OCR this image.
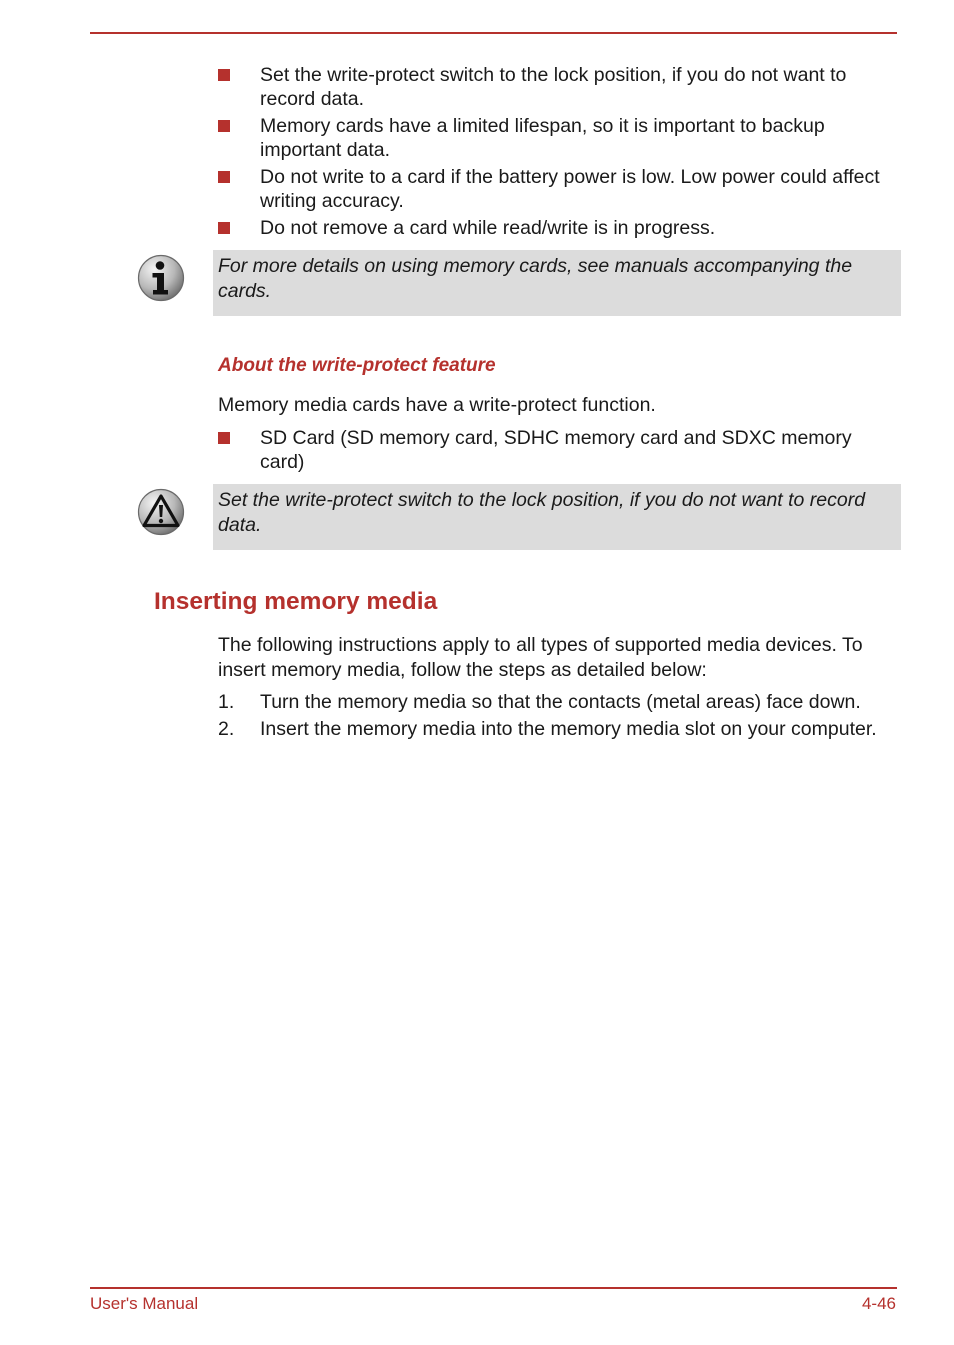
Set the write-protect switch to the lock position, if you do not want to record data.
Memory cards have a limited lifespan, so it is important to backup important data.
Do not write to a card if the battery power is low. Low power could affect writing accuracy.
Do not remove a card while read/write is in progress.
For more details on using memory cards, see manuals accompanying the cards.
About the write-protect feature
Memory media cards have a write-protect function.
SD Card (SD memory card, SDHC memory card and SDXC memory card)
Set the write-protect switch to the lock position, if you do not want to record data.
Inserting memory media
The following instructions apply to all types of supported media devices. To insert memory media, follow the steps as detailed below:
1. Turn the memory media so that the contacts (metal areas) face down.
2. Insert the memory media into the memory media slot on your computer.
User's Manual	4-46
